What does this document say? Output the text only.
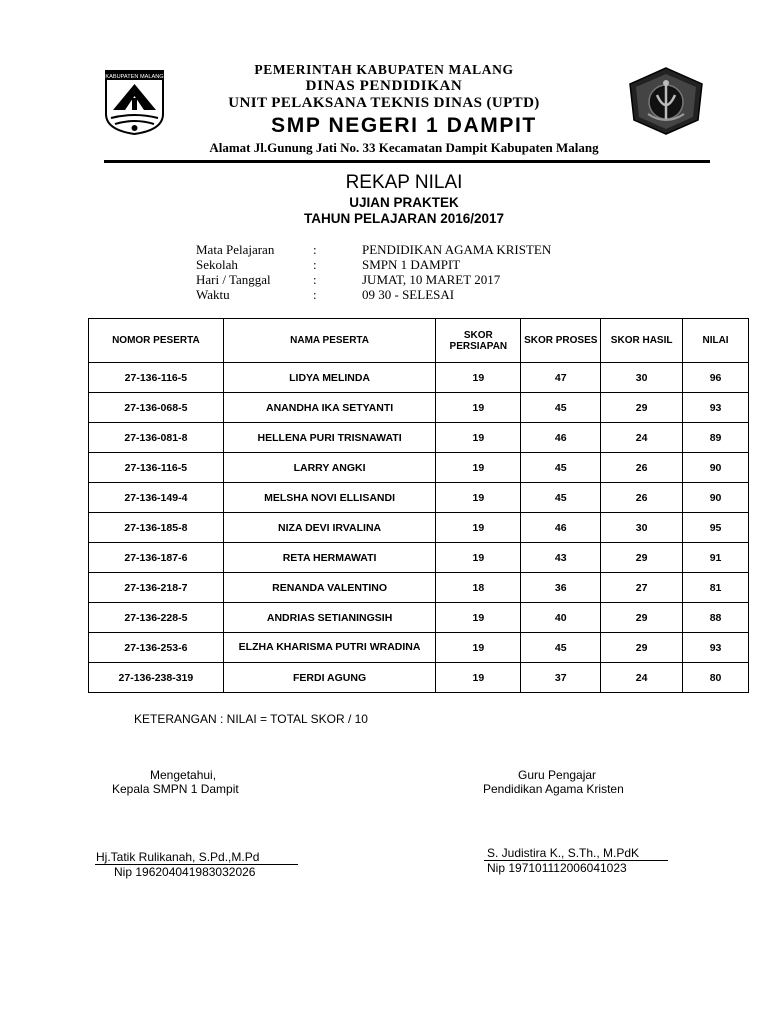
KABUPATEN MALANG	PEMERINTAH KABUPATEN MALANG
DINAS PENDIDIKAN
UNIT PELAKSANA TEKNIS DINAS (UPTD)
SMP NEGERI 1 DAMPIT
Alamat Jl.Gunung Jati No. 33 Kecamatan Dampit Kabupaten Malang
REKAP NILAI
UJIAN PRAKTEK
TAHUN PELAJARAN 2016/2017
Mata Pelajaran	:	PENDIDIKAN AGAMA KRISTEN
Sekolah	:	SMPN 1 DAMPIT
Hari / Tanggal	:	JUMAT, 10 MARET 2017
Waktu	:	09 30 - SELESAI
NOMOR PESERTA	NAMA PESERTA	SKOR PERSIAPAN	SKOR PROSES	SKOR HASIL	NILAI
27-136-116-5	LIDYA MELINDA	19	47	30	96
27-136-068-5	ANANDHA IKA SETYANTI	19	45	29	93
27-136-081-8	HELLENA PURI TRISNAWATI	19	46	24	89
27-136-116-5	LARRY ANGKI	19	45	26	90
27-136-149-4	MELSHA NOVI ELLISANDI	19	45	26	90
27-136-185-8	NIZA DEVI IRVALINA	19	46	30	95
27-136-187-6	RETA HERMAWATI	19	43	29	91
27-136-218-7	RENANDA VALENTINO	18	36	27	81
27-136-228-5	ANDRIAS SETIANINGSIH	19	40	29	88
27-136-253-6	ELZHA KHARISMA PUTRI WRADINA	19	45	29	93
27-136-238-319	FERDI AGUNG	19	37	24	80
KETERANGAN : NILAI = TOTAL SKOR / 10
Mengetahui,
Kepala SMPN 1 Dampit
Guru Pengajar
Pendidikan Agama Kristen
Hj.Tatik Rulikanah, S.Pd.,M.Pd
Nip 196204041983032026
S. Judistira K., S.Th., M.PdK
Nip 197101112006041023
